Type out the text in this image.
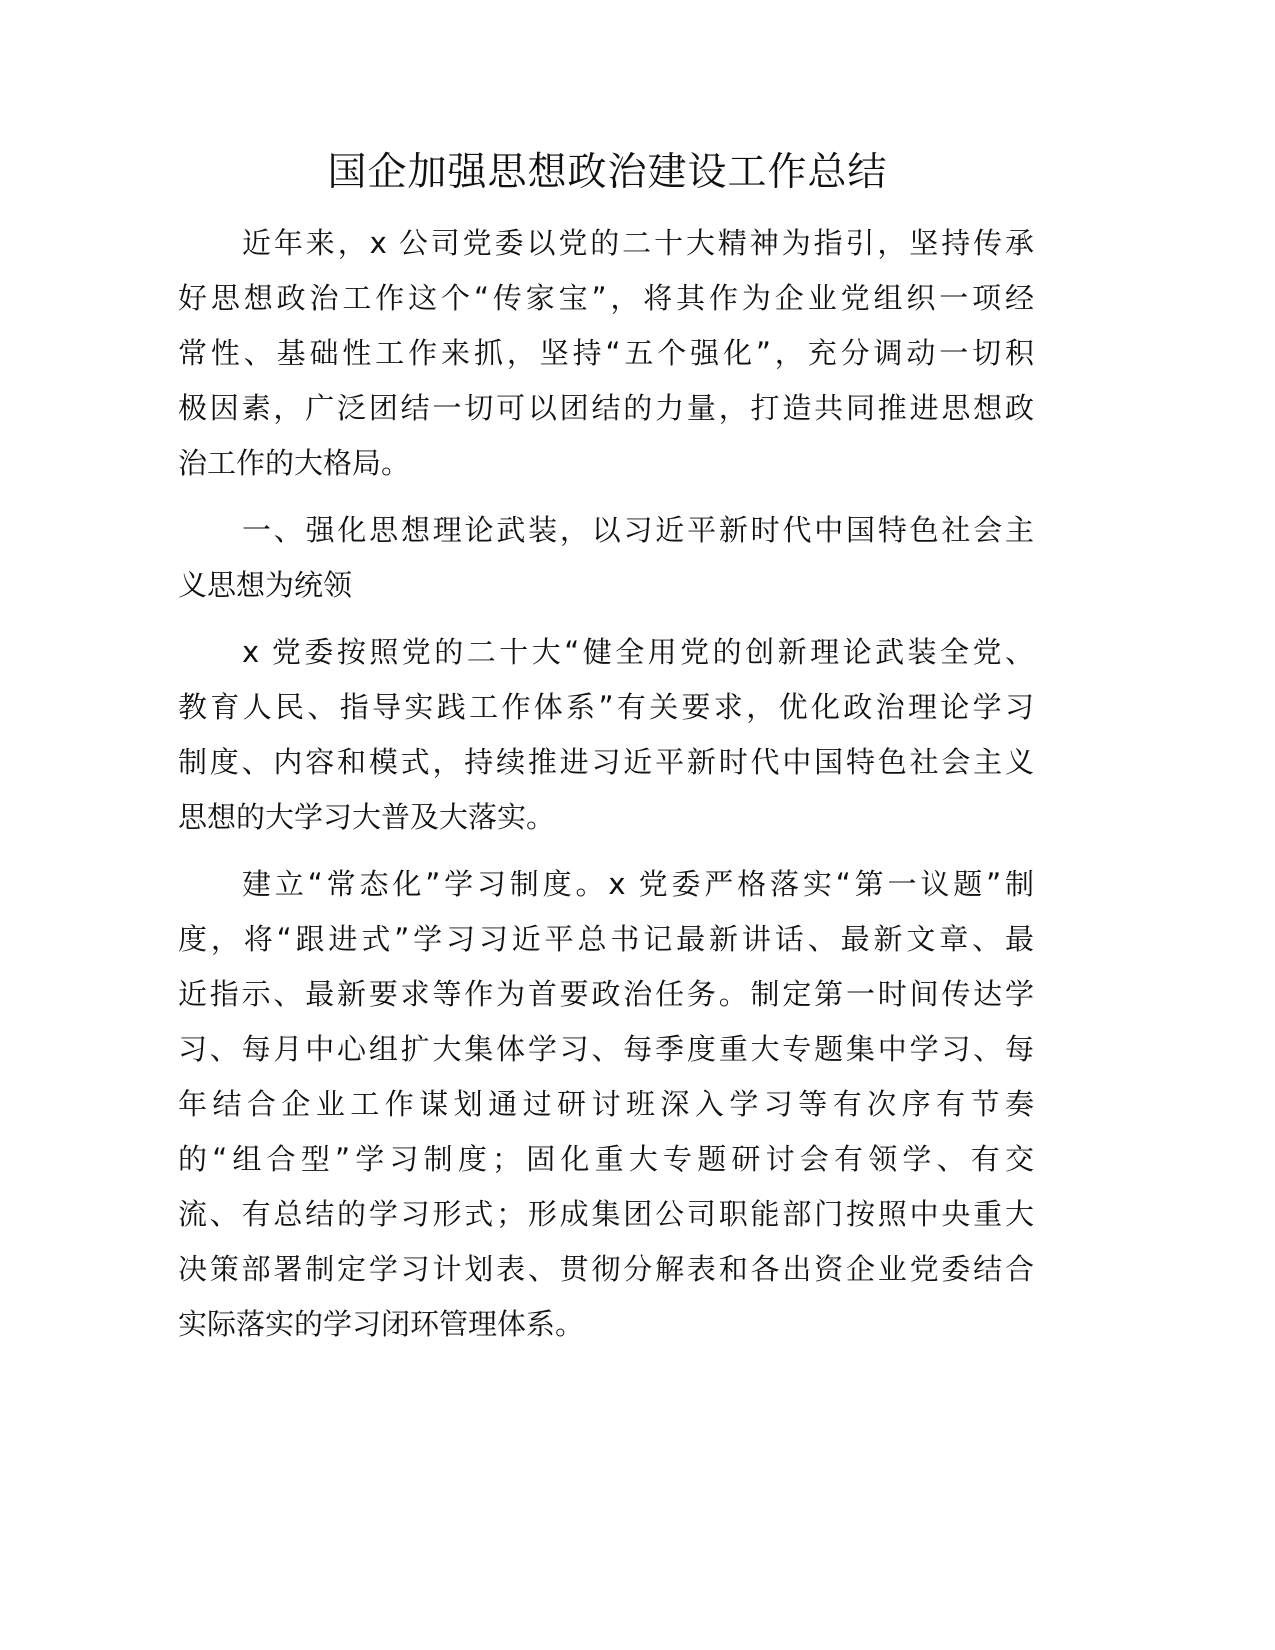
国企加强思想政治建设工作总结
近年来，x 公司党委以党的二十大精神为指引，坚持传承
好思想政治工作这个“传家宝”，将其作为企业党组织一项经
常性、基础性工作来抓，坚持“五个强化”，充分调动一切积
极因素，广泛团结一切可以团结的力量，打造共同推进思想政
治工作的大格局。
一、强化思想理论武装，以习近平新时代中国特色社会主
义思想为统领
x 党委按照党的二十大“健全用党的创新理论武装全党、
教育人民、指导实践工作体系”有关要求，优化政治理论学习
制度、内容和模式，持续推进习近平新时代中国特色社会主义
思想的大学习大普及大落实。
建立“常态化”学习制度。x 党委严格落实“第一议题”制
度，将“跟进式”学习习近平总书记最新讲话、最新文章、最
近指示、最新要求等作为首要政治任务。制定第一时间传达学
习、每月中心组扩大集体学习、每季度重大专题集中学习、每
年结合企业工作谋划通过研讨班深入学习等有次序有节奏
的“组合型”学习制度；固化重大专题研讨会有领学、有交
流、有总结的学习形式；形成集团公司职能部门按照中央重大
决策部署制定学习计划表、贯彻分解表和各出资企业党委结合
实际落实的学习闭环管理体系。
